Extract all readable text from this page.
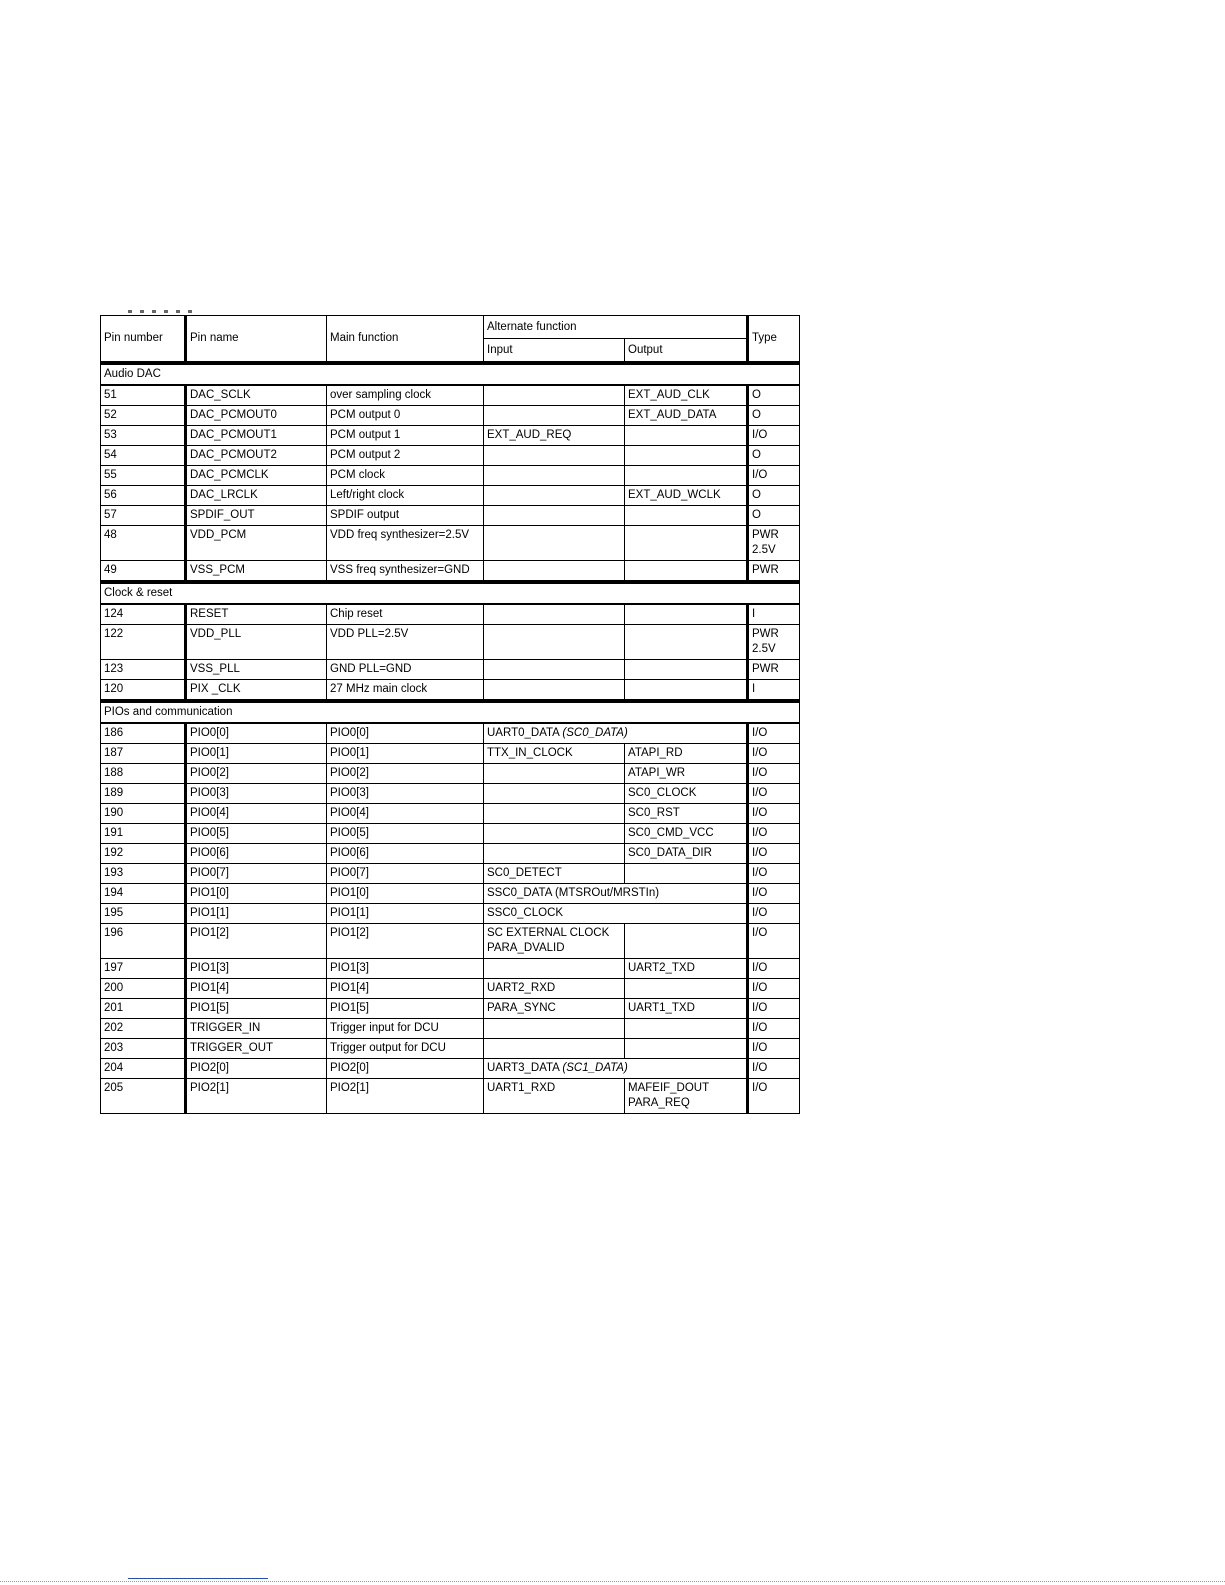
Pin number	Pin name	Main function	Alternate function		Type
			Input	Output	
Audio DAC					
51	DAC_SCLK	over sampling clock		EXT_AUD_CLK	O
52	DAC_PCMOUT0	PCM output 0		EXT_AUD_DATA	O
53	DAC_PCMOUT1	PCM output 1	EXT_AUD_REQ		I/O
54	DAC_PCMOUT2	PCM output 2			O
55	DAC_PCMCLK	PCM clock			I/O
56	DAC_LRCLK	Left/right clock		EXT_AUD_WCLK	O
57	SPDIF_OUT	SPDIF output			O
48	VDD_PCM	VDD freq synthesizer=2.5V			PWR
2.5V
49	VSS_PCM	VSS freq synthesizer=GND			PWR
Clock & reset					
124	RESET	Chip reset			I
122	VDD_PLL	VDD PLL=2.5V			PWR
2.5V
123	VSS_PLL	GND PLL=GND			PWR
120	PIX _CLK	27 MHz main clock			I
PIOs and communication					
186	PIO0[0]	PIO0[0]	UART0_DATA (SC0_DATA)		I/O
187	PIO0[1]	PIO0[1]	TTX_IN_CLOCK	ATAPI_RD	I/O
188	PIO0[2]	PIO0[2]		ATAPI_WR	I/O
189	PIO0[3]	PIO0[3]		SC0_CLOCK	I/O
190	PIO0[4]	PIO0[4]		SC0_RST	I/O
191	PIO0[5]	PIO0[5]		SC0_CMD_VCC	I/O
192	PIO0[6]	PIO0[6]		SC0_DATA_DIR	I/O
193	PIO0[7]	PIO0[7]	SC0_DETECT		I/O
194	PIO1[0]	PIO1[0]	SSC0_DATA (MTSROut/MRSTIn)		I/O
195	PIO1[1]	PIO1[1]	SSC0_CLOCK		I/O
196	PIO1[2]	PIO1[2]	SC EXTERNAL CLOCK
PARA_DVALID		I/O
197	PIO1[3]	PIO1[3]		UART2_TXD	I/O
200	PIO1[4]	PIO1[4]	UART2_RXD		I/O
201	PIO1[5]	PIO1[5]	PARA_SYNC	UART1_TXD	I/O
202	TRIGGER_IN	Trigger input for DCU			I/O
203	TRIGGER_OUT	Trigger output for DCU			I/O
204	PIO2[0]	PIO2[0]	UART3_DATA (SC1_DATA)		I/O
205	PIO2[1]	PIO2[1]	UART1_RXD	MAFEIF_DOUT
PARA_REQ	I/O
